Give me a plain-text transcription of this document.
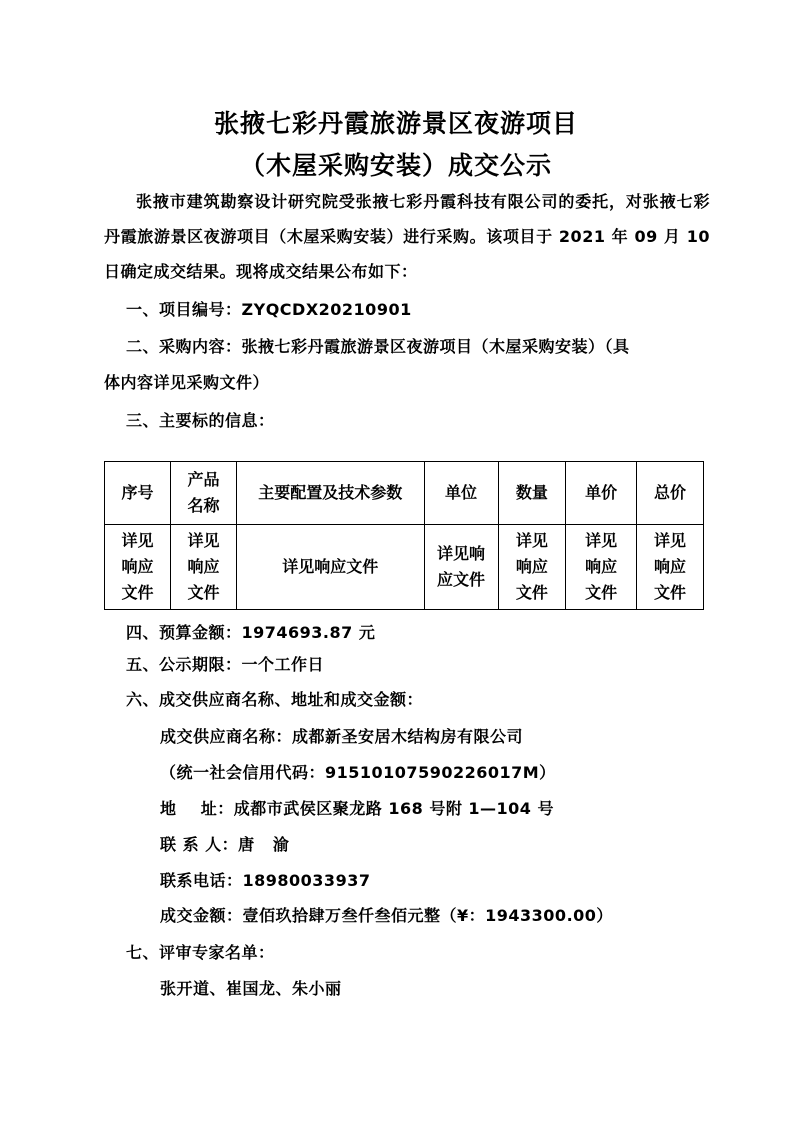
张掖七彩丹霞旅游景区夜游项目
（木屋采购安装）成交公示
张掖市建筑勘察设计研究院受张掖七彩丹霞科技有限公司的委托，对张掖七彩丹霞旅游景区夜游项目（木屋采购安装）进行采购。该项目于 2021 年 09 月 10 日确定成交结果。现将成交结果公布如下：
一、项目编号：ZYQCDX20210901
二、采购内容：张掖七彩丹霞旅游景区夜游项目（木屋采购安装）（具
体内容详见采购文件）
三、主要标的信息：
序号	产品名称	主要配置及技术参数	单位	数量	单价	总价
详见响应文件	详见响应文件	详见响应文件	详见响应文件	详见响应文件	详见响应文件	详见响应文件
四、预算金额：1974693.87 元
五、公示期限：一个工作日
六、成交供应商名称、地址和成交金额：
成交供应商名称：成都新圣安居木结构房有限公司
（统一社会信用代码：91510107590226017M）
地    址：成都市武侯区聚龙路 168 号附 1—104 号
联 系 人：唐   渝
联系电话：18980033937
成交金额：壹佰玖拾肆万叁仟叁佰元整（¥：1943300.00）
七、评审专家名单：
张开道、崔国龙、朱小丽
